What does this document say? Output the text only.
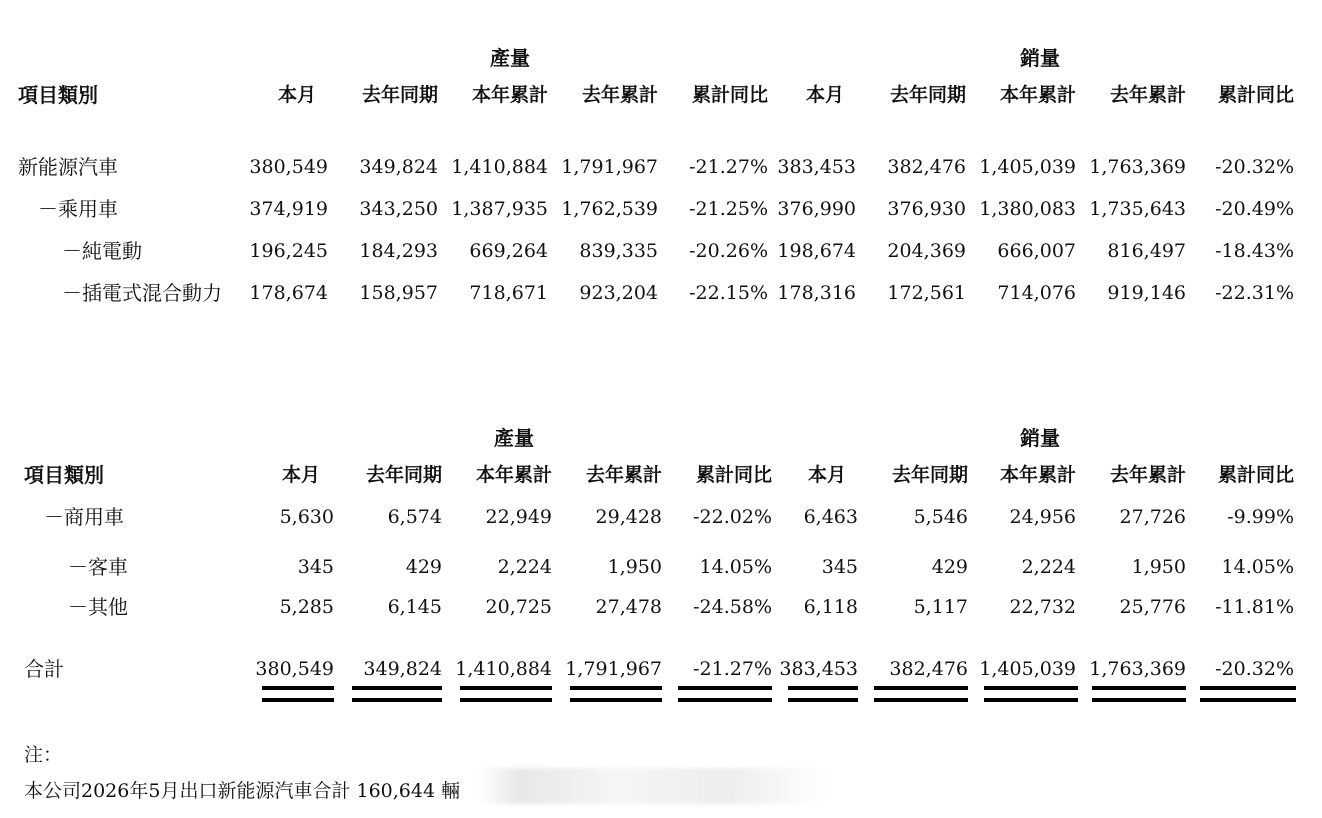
產量	銷量
項目類別	本月 去年同期 本年累計 去年累計 累計同比 本月 去年同期 本年累計 去年累計 累計同比
新能源汽車	380,549 349,824 1,410,884 1,791,967 -21.27% 383,453 382,476 1,405,039 1,763,369 -20.32%
－乘用車	374,919 343,250 1,387,935 1,762,539 -21.25% 376,990 376,930 1,380,083 1,735,643 -20.49%
－純電動	196,245 184,293 669,264 839,335 -20.26% 198,674 204,369 666,007 816,497 -18.43%
－插電式混合動力 178,674 158,957 718,671 923,204 -22.15% 178,316 172,561 714,076 919,146 -22.31%
產量	銷量
項目類別	本月 去年同期 本年累計 去年累計 累計同比 本月 去年同期 本年累計 去年累計 累計同比
－商用車	5,630	6,574 22,949 29,428 -22.02% 6,463	5,546 24,956 27,726 -9.99%
－客車	345	429	2,224	1,950 14.05%	345	429	2,224	1,950 14.05%
－其他	5,285	6,145 20,725 27,478 -24.58% 6,118	5,117 22,732 25,776 -11.81%
合計	380,549 349,824 1,410,884 1,791,967 -21.27% 383,453 382,476 1,405,039 1,763,369 -20.32%
注：
本公司2026年5月出口新能源汽車合計 160,644 輛
